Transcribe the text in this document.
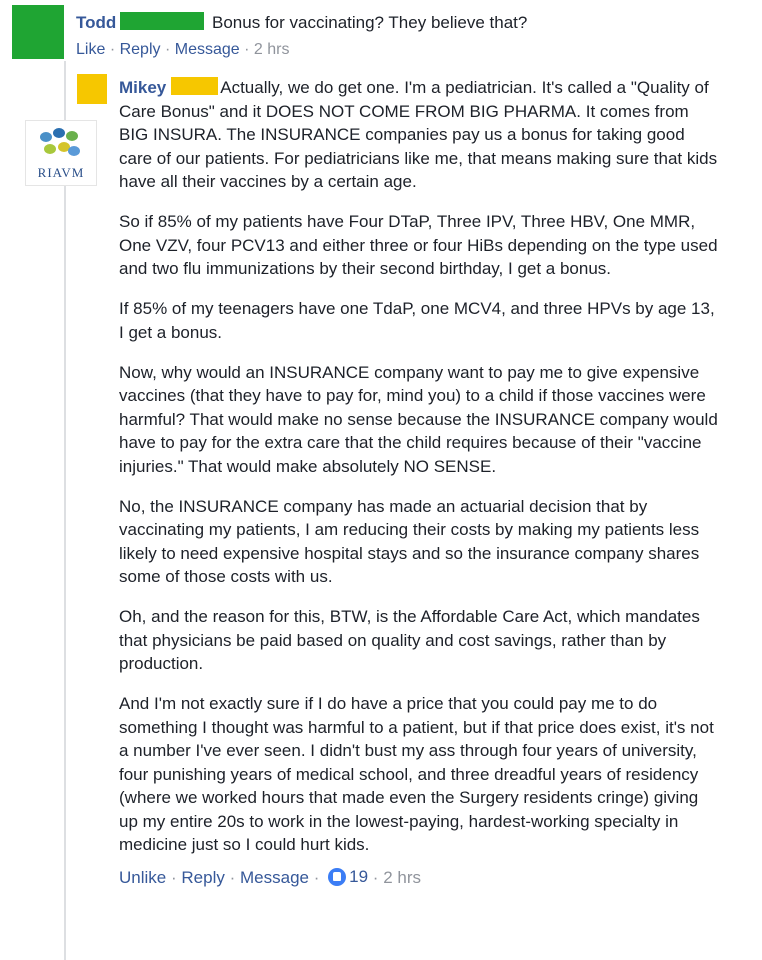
Todd	Bonus for vaccinating? They believe that?
Like · Reply · Message · 2 hrs
RIAVM

Mikey	Actually, we do get one. I'm a pediatrician. It's called a "Quality of Care Bonus" and it DOES NOT COME FROM BIG PHARMA. It comes from BIG INSURA. The INSURANCE companies pay us a bonus for taking good care of our patients. For pediatricians like me, that means making sure that kids have all their vaccines by a certain age.

So if 85% of my patients have Four DTaP, Three IPV, Three HBV, One MMR, One VZV, four PCV13 and either three or four HiBs depending on the type used and two flu immunizations by their second birthday, I get a bonus.

If 85% of my teenagers have one TdaP, one MCV4, and three HPVs by age 13, I get a bonus.

Now, why would an INSURANCE company want to pay me to give expensive vaccines (that they have to pay for, mind you) to a child if those vaccines were harmful? That would make no sense because the INSURANCE company would have to pay for the extra care that the child requires because of their "vaccine injuries." That would make absolutely NO SENSE.

No, the INSURANCE company has made an actuarial decision that by vaccinating my patients, I am reducing their costs by making my patients less likely to need expensive hospital stays and so the insurance company shares some of those costs with us.

Oh, and the reason for this, BTW, is the Affordable Care Act, which mandates that physicians be paid based on quality and cost savings, rather than by production.

And I'm not exactly sure if I do have a price that you could pay me to do something I thought was harmful to a patient, but if that price does exist, it's not a number I've ever seen. I didn't bust my ass through four years of university, four punishing years of medical school, and three dreadful years of residency (where we worked hours that made even the Surgery residents cringe) giving up my entire 20s to work in the lowest-paying, hardest-working specialty in medicine just so I could hurt kids.

Unlike · Reply · Message · 19 · 2 hrs
